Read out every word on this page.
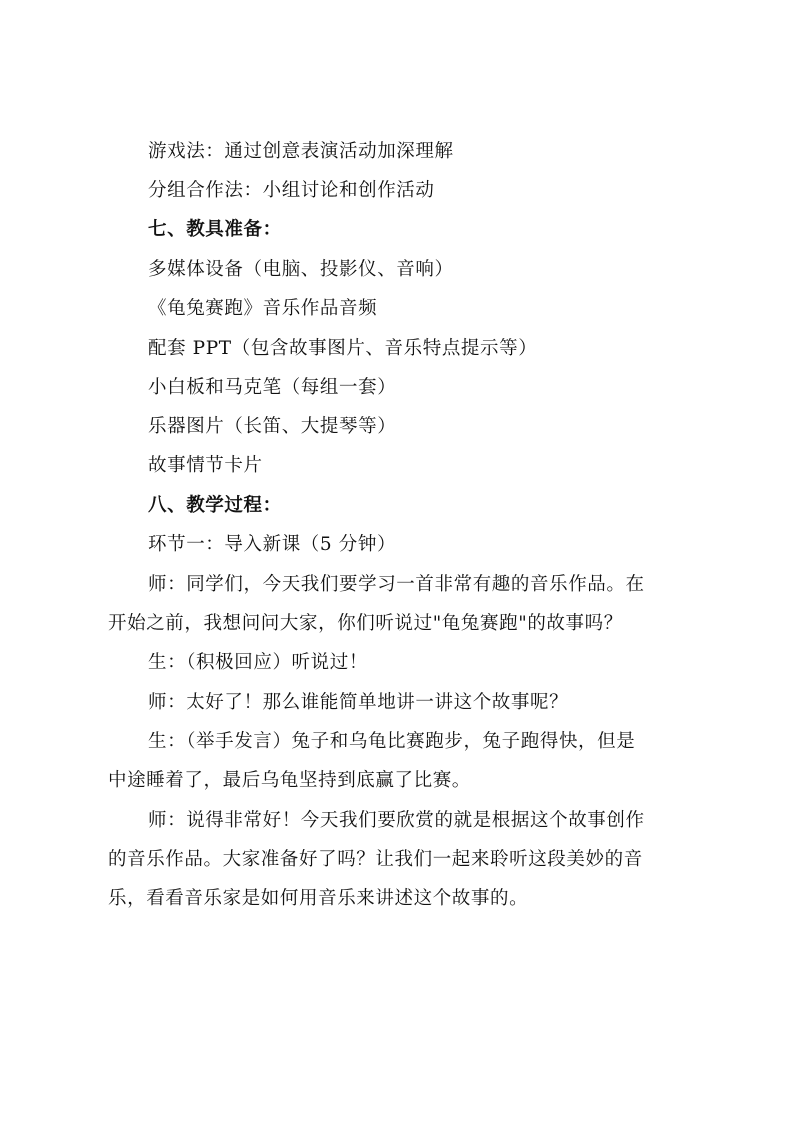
游戏法：通过创意表演活动加深理解
分组合作法：小组讨论和创作活动
七、教具准备：
多媒体设备（电脑、投影仪、音响）
《龟兔赛跑》音乐作品音频
配套 PPT（包含故事图片、音乐特点提示等）
小白板和马克笔（每组一套）
乐器图片（长笛、大提琴等）
故事情节卡片
八、教学过程：
环节一：导入新课（5 分钟）
师：同学们，今天我们要学习一首非常有趣的音乐作品。在
开始之前，我想问问大家，你们听说过"龟兔赛跑"的故事吗？
生：（积极回应）听说过！
师：太好了！那么谁能简单地讲一讲这个故事呢？
生：（举手发言）兔子和乌龟比赛跑步，兔子跑得快，但是
中途睡着了，最后乌龟坚持到底赢了比赛。
师：说得非常好！今天我们要欣赏的就是根据这个故事创作
的音乐作品。大家准备好了吗？让我们一起来聆听这段美妙的音
乐，看看音乐家是如何用音乐来讲述这个故事的。
